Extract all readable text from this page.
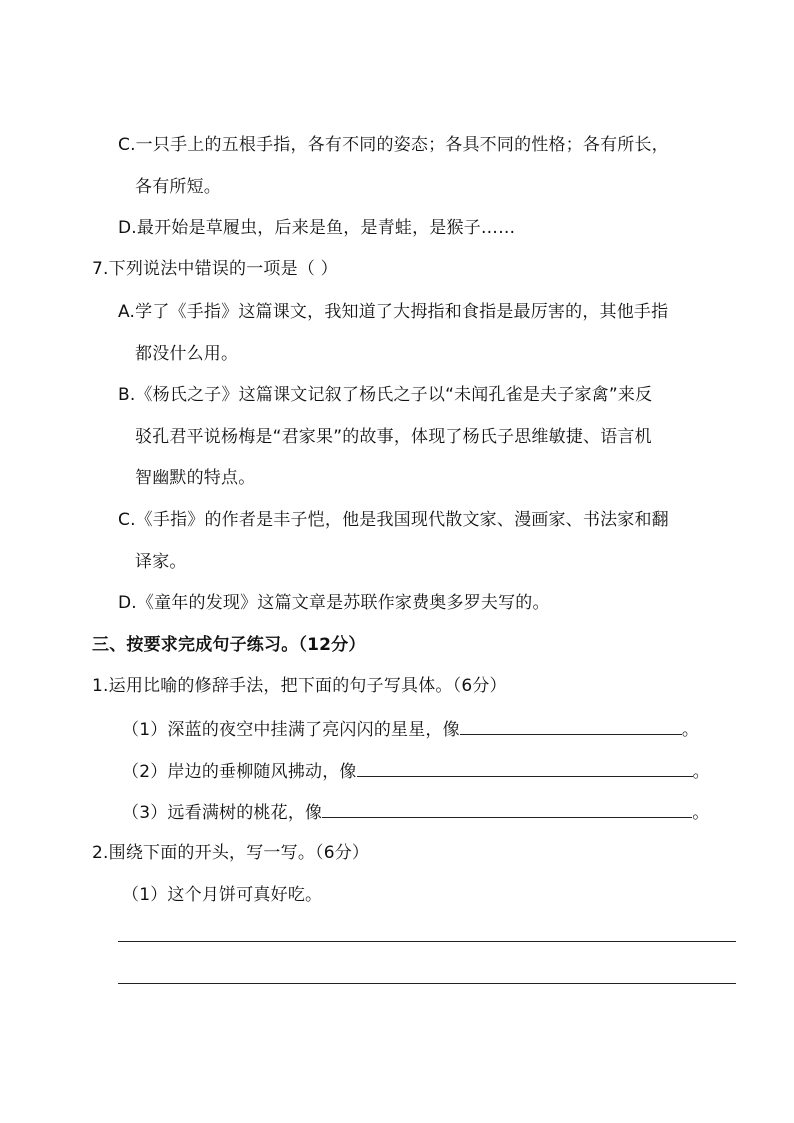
C.一只手上的五根手指，各有不同的姿态；各具不同的性格；各有所长，
各有所短。
D.最开始是草履虫，后来是鱼，是青蛙，是猴子……
7.下列说法中错误的一项是（ ）
A.学了《手指》这篇课文，我知道了大拇指和食指是最厉害的，其他手指
都没什么用。
B.《杨氏之子》这篇课文记叙了杨氏之子以“未闻孔雀是夫子家禽”来反
驳孔君平说杨梅是“君家果”的故事，体现了杨氏子思维敏捷、语言机
智幽默的特点。
C.《手指》的作者是丰子恺，他是我国现代散文家、漫画家、书法家和翻
译家。
D.《童年的发现》这篇文章是苏联作家费奥多罗夫写的。
三、按要求完成句子练习。（12分）
1.运用比喻的修辞手法，把下面的句子写具体。（6分）
（1）深蓝的夜空中挂满了亮闪闪的星星，像	。
（2）岸边的垂柳随风拂动，像	。
（3）远看满树的桃花，像	。
2.围绕下面的开头，写一写。（6分）
（1）这个月饼可真好吃。
